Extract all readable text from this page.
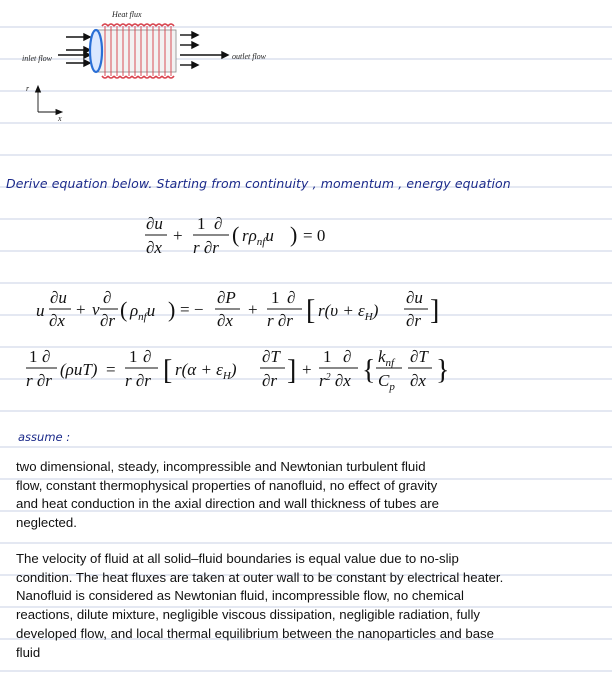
Heat flux
inlet flow	outlet flow
r
x
Derive equation below. Starting from continuity , momentum , energy equation
∂u
∂x
+
1 ∂
r ∂r
( $r\rho_{nf}u$ ) = 0
u
∂u
∂x
+ v
∂
∂r ( $\rho_{nf}u$ ) = −
∂P
∂x
+
1 ∂
r ∂r [ $r(\upsilon + \varepsilon_H)$
∂u
∂r ]
1 ∂
r ∂r
(ρuT) =
1 ∂
r ∂r [ $r(\alpha + \varepsilon_H)$
∂T
∂r ] +
1 ∂
$r^2$ ∂x { $k_{nf}$
$C_p$
∂T
∂x }
assume :
two dimensional, steady, incompressible and Newtonian turbulent fluid
flow, constant thermophysical properties of nanofluid, no effect of gravity
and heat conduction in the axial direction and wall thickness of tubes are
neglected.
The velocity of fluid at all solid–fluid boundaries is equal value due to no-slip
condition. The heat fluxes are taken at outer wall to be constant by electrical heater.
Nanofluid is considered as Newtonian fluid, incompressible flow, no chemical
reactions, dilute mixture, negligible viscous dissipation, negligible radiation, fully
developed flow, and local thermal equilibrium between the nanoparticles and base
fluid
